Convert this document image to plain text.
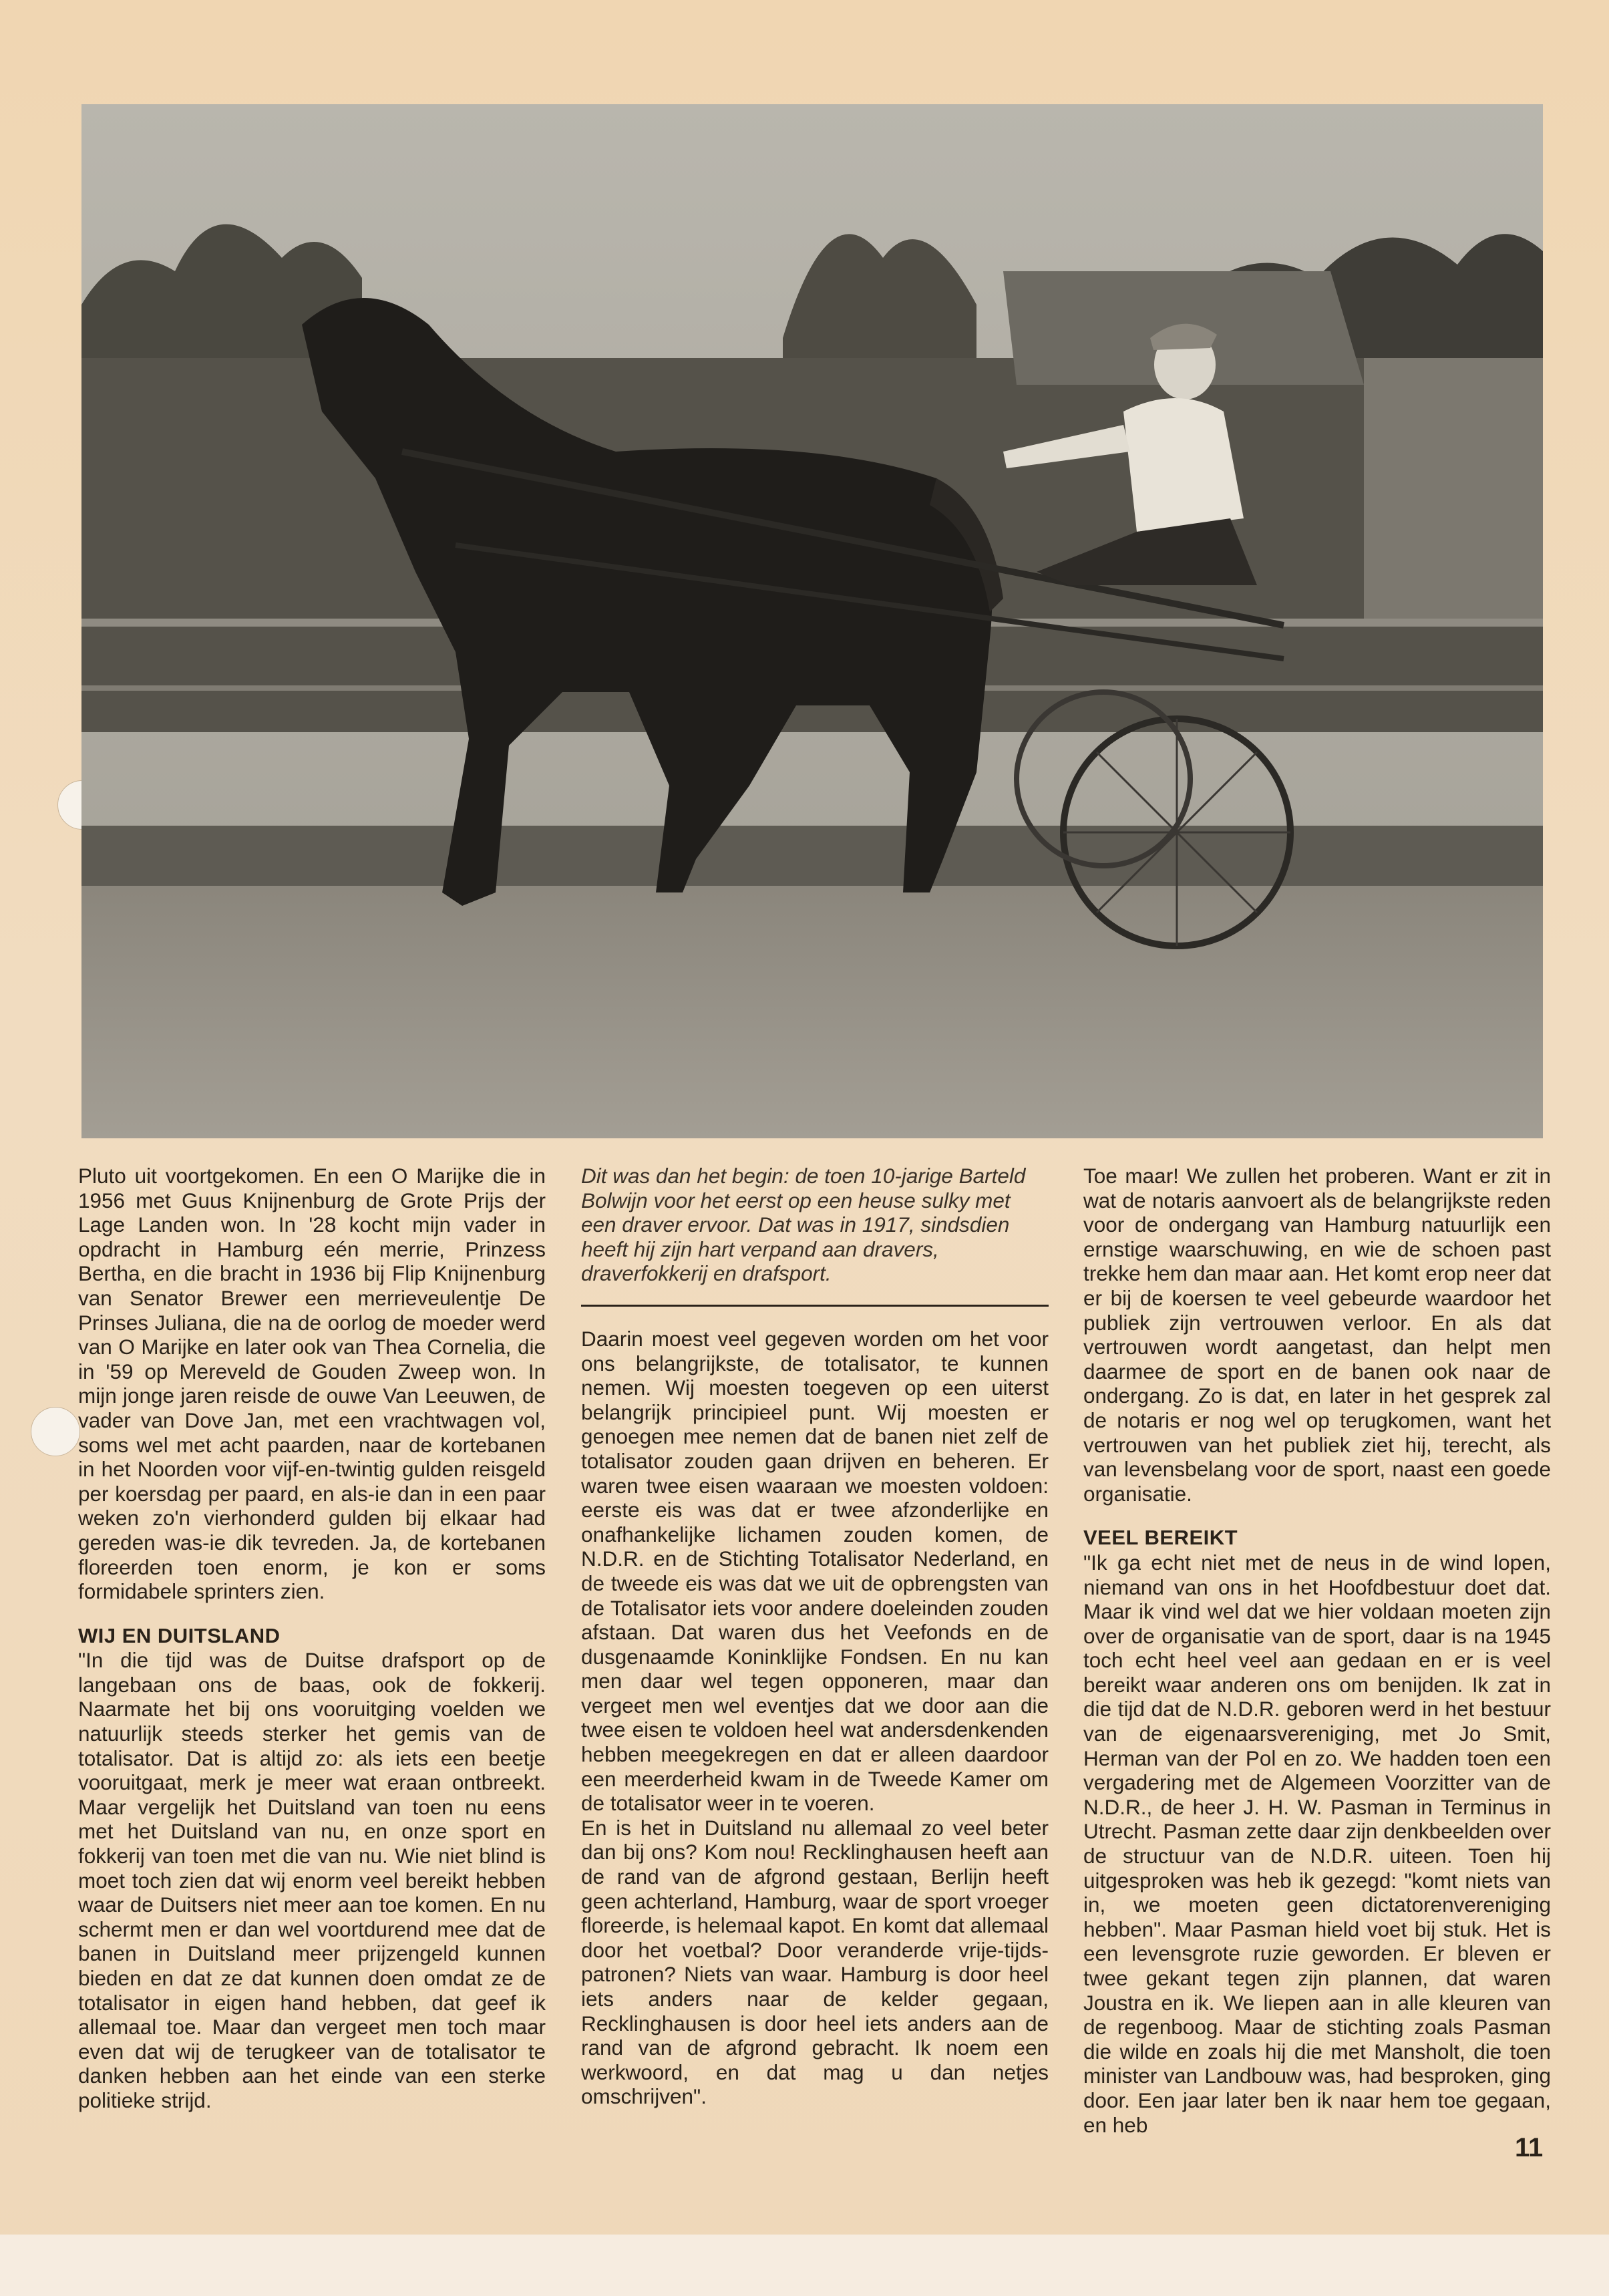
Pluto uit voortgekomen. En een O Marijke die in 1956 met Guus Knijnenburg de Grote Prijs der Lage Landen won. In '28 kocht mijn vader in opdracht in Hamburg eén merrie, Prinzess Bertha, en die bracht in 1936 bij Flip Knijnenburg van Senator Brewer een merrieveulentje De Prinses Juliana, die na de oorlog de moeder werd van O Marijke en later ook van Thea Cornelia, die in '59 op Mereveld de Gouden Zweep won. In mijn jonge jaren reisde de ouwe Van Leeuwen, de vader van Dove Jan, met een vrachtwagen vol, soms wel met acht paarden, naar de kortebanen in het Noorden voor vijf-en-twintig gulden reisgeld per koersdag per paard, en als-ie dan in een paar weken zo'n vierhonderd gulden bij elkaar had gereden was-ie dik tevreden. Ja, de kortebanen floreerden toen enorm, je kon er soms formidabele sprinters zien.

WIJ EN DUITSLAND

"In die tijd was de Duitse drafsport op de langebaan ons de baas, ook de fokkerij. Naarmate het bij ons vooruitging voelden we natuurlijk steeds sterker het gemis van de totalisator. Dat is altijd zo: als iets een beetje vooruitgaat, merk je meer wat eraan ontbreekt. Maar vergelijk het Duitsland van toen nu eens met het Duitsland van nu, en onze sport en fokkerij van toen met die van nu. Wie niet blind is moet toch zien dat wij enorm veel bereikt hebben waar de Duitsers niet meer aan toe komen. En nu schermt men er dan wel voortdurend mee dat de banen in Duitsland meer prijzengeld kunnen bieden en dat ze dat kunnen doen omdat ze de totalisator in eigen hand hebben, dat geef ik allemaal toe. Maar dan vergeet men toch maar even dat wij de terugkeer van de totalisator te danken hebben aan het einde van een sterke politieke strijd.

Dit was dan het begin: de toen 10-jarige Barteld Bolwijn voor het eerst op een heuse sulky met een draver ervoor. Dat was in 1917, sindsdien heeft hij zijn hart verpand aan dravers, draverfokkerij en drafsport.

Daarin moest veel gegeven worden om het voor ons belangrijkste, de totalisator, te kunnen nemen. Wij moesten toegeven op een uiterst belangrijk principieel punt. Wij moesten er genoegen mee nemen dat de banen niet zelf de totalisator zouden gaan drijven en beheren. Er waren twee eisen waaraan we moesten voldoen: eerste eis was dat er twee afzonderlijke en onafhankelijke lichamen zouden komen, de N.D.R. en de Stichting Totalisator Nederland, en de tweede eis was dat we uit de opbrengsten van de Totalisator iets voor andere doeleinden zouden afstaan. Dat waren dus het Veefonds en de dusgenaamde Koninklijke Fondsen. En nu kan men daar wel tegen opponeren, maar dan vergeet men wel eventjes dat we door aan die twee eisen te voldoen heel wat andersdenkenden hebben meegekregen en dat er alleen daardoor een meerderheid kwam in de Tweede Kamer om de totalisator weer in te voeren.

En is het in Duitsland nu allemaal zo veel beter dan bij ons? Kom nou! Recklinghausen heeft aan de rand van de afgrond gestaan, Berlijn heeft geen achterland, Hamburg, waar de sport vroeger floreerde, is helemaal kapot. En komt dat allemaal door het voetbal? Door veranderde vrije-tijds-patronen? Niets van waar. Hamburg is door heel iets anders naar de kelder gegaan, Recklinghausen is door heel iets anders aan de rand van de afgrond gebracht. Ik noem een werkwoord, en dat mag u dan netjes omschrijven".

Toe maar! We zullen het proberen. Want er zit in wat de notaris aanvoert als de belangrijkste reden voor de ondergang van Hamburg natuurlijk een ernstige waarschuwing, en wie de schoen past trekke hem dan maar aan. Het komt erop neer dat er bij de koersen te veel gebeurde waardoor het publiek zijn vertrouwen verloor. En als dat vertrouwen wordt aangetast, dan helpt men daarmee de sport en de banen ook naar de ondergang. Zo is dat, en later in het gesprek zal de notaris er nog wel op terugkomen, want het vertrouwen van het publiek ziet hij, terecht, als van levensbelang voor de sport, naast een goede organisatie.

VEEL BEREIKT

"Ik ga echt niet met de neus in de wind lopen, niemand van ons in het Hoofdbestuur doet dat. Maar ik vind wel dat we hier voldaan moeten zijn over de organisatie van de sport, daar is na 1945 toch echt heel veel aan gedaan en er is veel bereikt waar anderen ons om benijden. Ik zat in die tijd dat de N.D.R. geboren werd in het bestuur van de eigenaarsvereniging, met Jo Smit, Herman van der Pol en zo. We hadden toen een vergadering met de Algemeen Voorzitter van de N.D.R., de heer J. H. W. Pasman in Terminus in Utrecht. Pasman zette daar zijn denkbeelden over de structuur van de N.D.R. uiteen. Toen hij uitgesproken was heb ik gezegd: "komt niets van in, we moeten geen dictatorenvereniging hebben". Maar Pasman hield voet bij stuk. Het is een levensgrote ruzie geworden. Er bleven er twee gekant tegen zijn plannen, dat waren Joustra en ik. We liepen aan in alle kleuren van de regenboog. Maar de stichting zoals Pasman die wilde en zoals hij die met Mansholt, die toen minister van Landbouw was, had besproken, ging door. Een jaar later ben ik naar hem toe gegaan, en heb

11
